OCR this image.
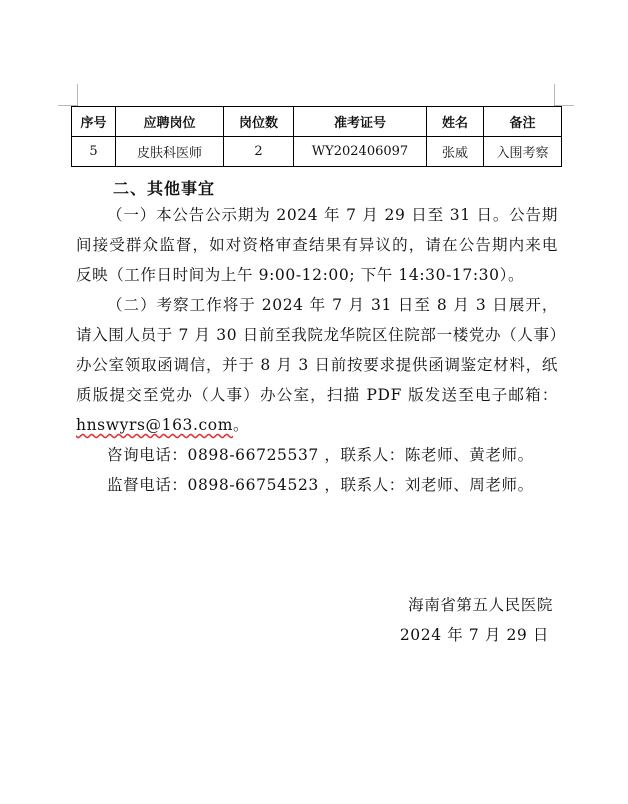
序号	应聘岗位	岗位数	准考证号	姓名	备注
5	皮肤科医师	2	WY202406097	张威	入围考察
二、其他事宜
（一）本公告公示期为 2024 年 7 月 29 日至 31 日。公告期间接受群众监督，如对资格审查结果有异议的，请在公告期内来电反映（工作日时间为上午 9:00-12:00; 下午 14:30-17:30）。
（二）考察工作将于 2024 年 7 月 31 日至 8 月 3 日展开，请入围人员于 7 月 30 日前至我院龙华院区住院部一楼党办（人事）办公室领取函调信，并于 8 月 3 日前按要求提供函调鉴定材料，纸质版提交至党办（人事）办公室，扫描 PDF 版发送至电子邮箱：hnswyrs@163.com。
咨询电话：0898-66725537 ，联系人：陈老师、黄老师。
监督电话：0898-66754523 ，联系人：刘老师、周老师。
海南省第五人民医院
2024 年 7 月 29 日
